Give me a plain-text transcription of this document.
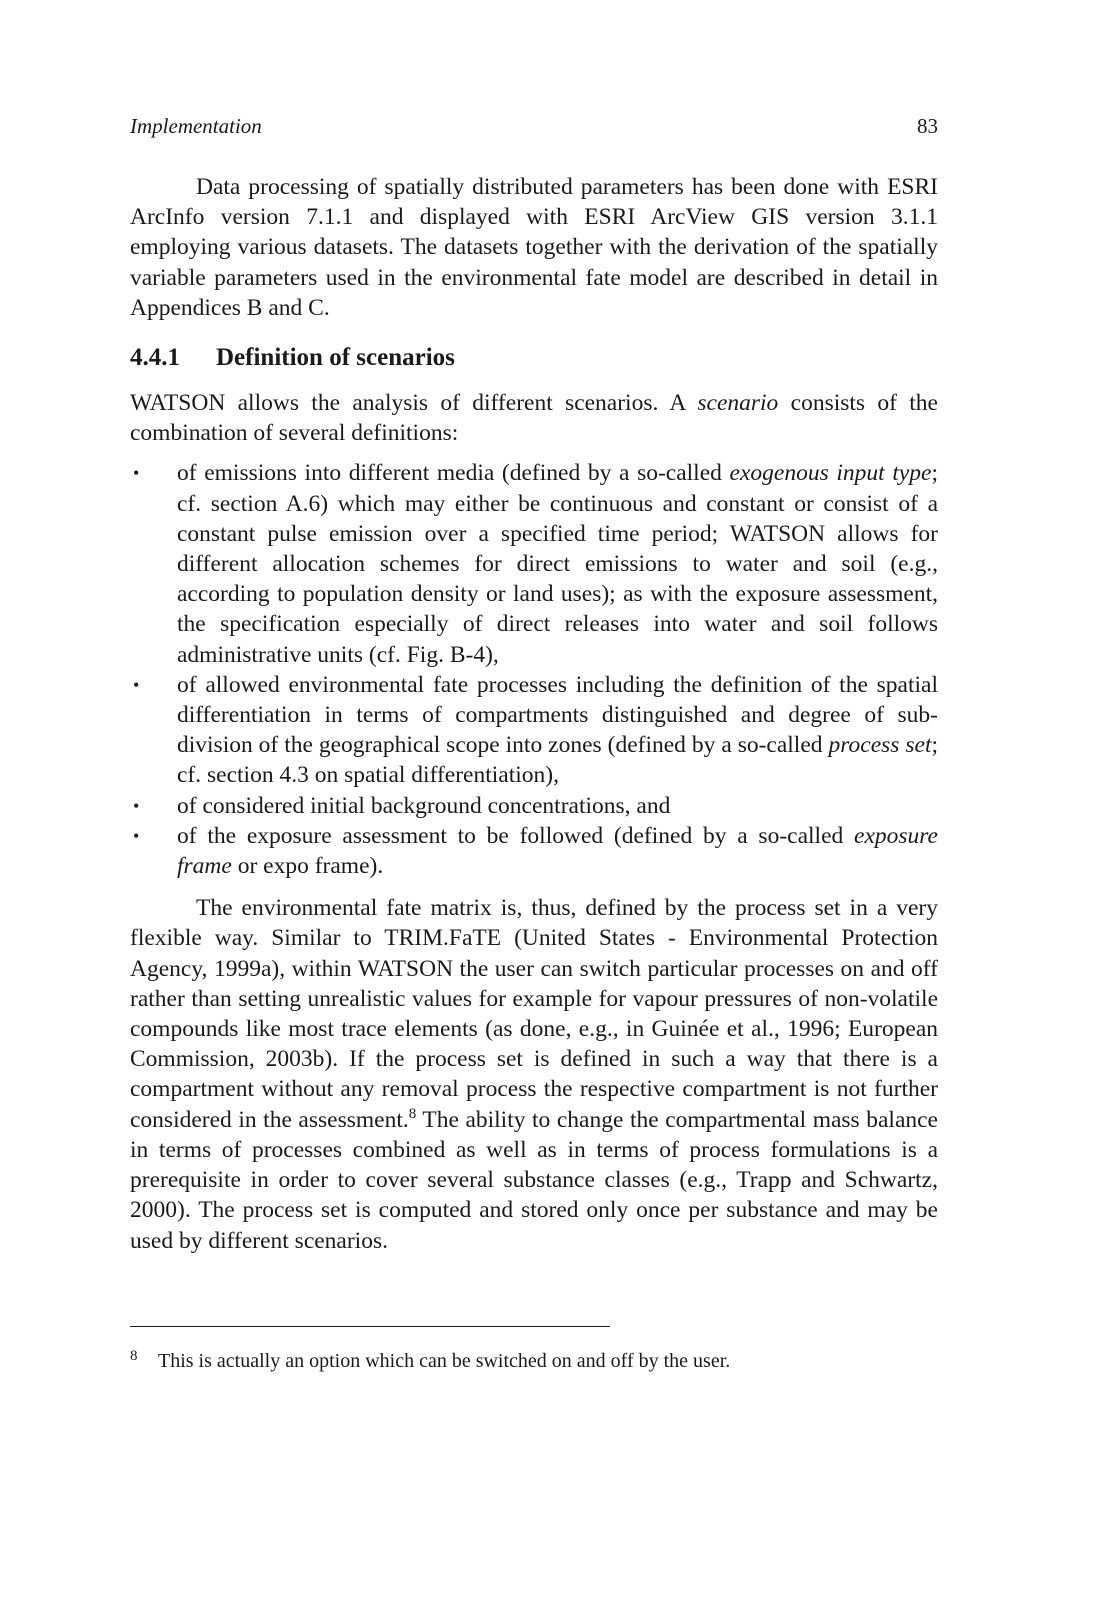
Implementation	83

Data processing of spatially distributed parameters has been done with ESRI ArcInfo version 7.1.1 and displayed with ESRI ArcView GIS version 3.1.1 employing various datasets. The datasets together with the derivation of the spatially variable parameters used in the environmental fate model are described in detail in Appendices B and C.

4.4.1 Definition of scenarios

WATSON allows the analysis of different scenarios. A scenario consists of the combination of several definitions:

• of emissions into different media (defined by a so-called exogenous input type; cf. section A.6) which may either be continuous and constant or consist of a constant pulse emission over a specified time period; WATSON allows for different allocation schemes for direct emissions to water and soil (e.g., according to population density or land uses); as with the exposure assessment, the specification especially of direct releases into water and soil follows administrative units (cf. Fig. B-4),
• of allowed environmental fate processes including the definition of the spatial differentiation in terms of compartments distinguished and degree of sub-division of the geographical scope into zones (defined by a so-called process set; cf. section 4.3 on spatial differentiation),
• of considered initial background concentrations, and
• of the exposure assessment to be followed (defined by a so-called exposure frame or expo frame).

The environmental fate matrix is, thus, defined by the process set in a very flexible way. Similar to TRIM.FaTE (United States - Environmental Protection Agency, 1999a), within WATSON the user can switch particular processes on and off rather than setting unrealistic values for example for vapour pressures of non-volatile compounds like most trace elements (as done, e.g., in Guinée et al., 1996; European Commission, 2003b). If the process set is defined in such a way that there is a compartment without any removal process the respective compartment is not further considered in the assessment.$^8$ The ability to change the compartmental mass balance in terms of processes combined as well as in terms of process formulations is a prerequisite in order to cover several substance classes (e.g., Trapp and Schwartz, 2000). The process set is computed and stored only once per substance and may be used by different scenarios.

8 This is actually an option which can be switched on and off by the user.
